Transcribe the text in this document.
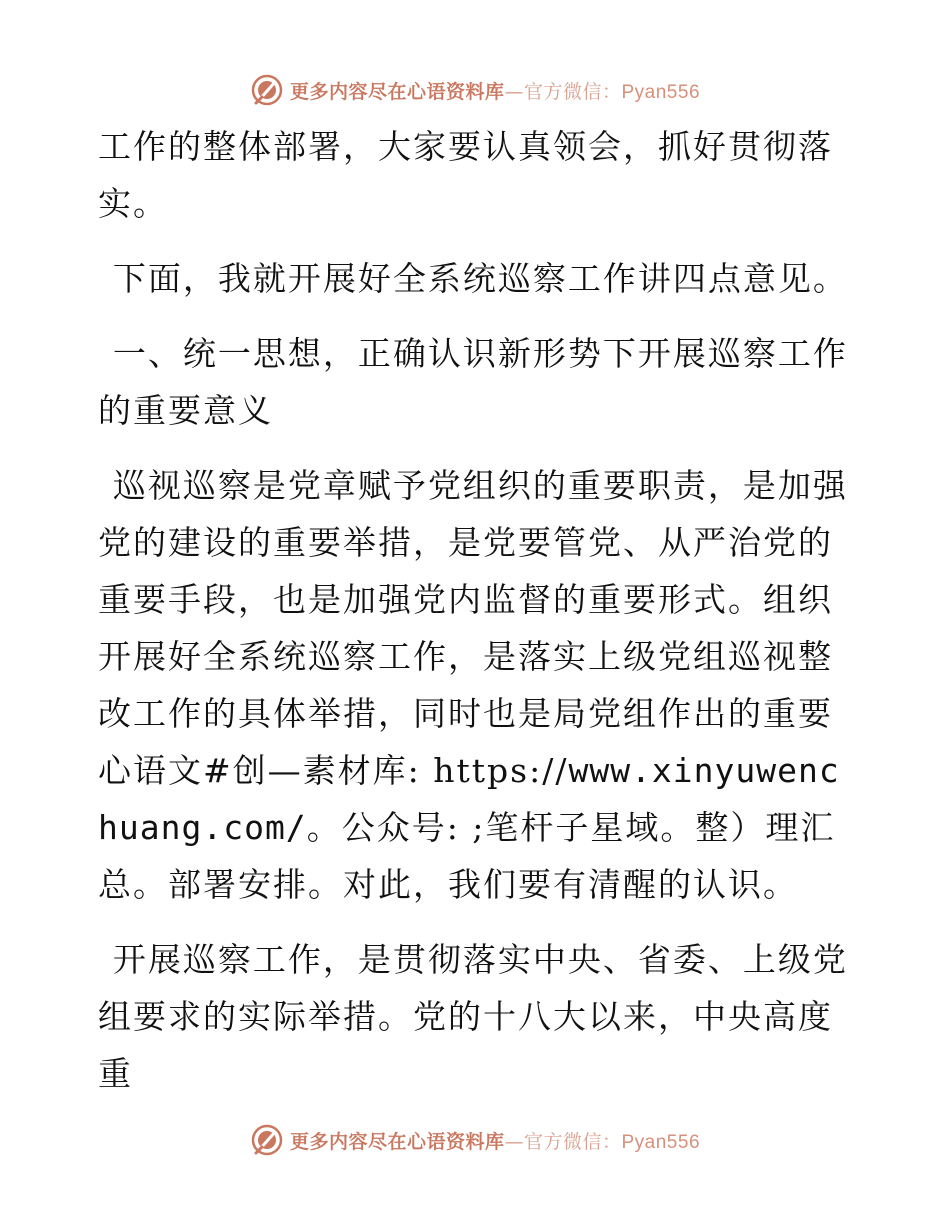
更多内容尽在心语资料库—官方微信：Pyan556

工作的整体部署，大家要认真领会，抓好贯彻落实。

下面，我就开展好全系统巡察工作讲四点意见。

一、统一思想，正确认识新形势下开展巡察工作的重要意义

巡视巡察是党章赋予党组织的重要职责，是加强党的建设的重要举措，是党要管党、从严治党的重要手段，也是加强党内监督的重要形式。组织开展好全系统巡察工作，是落实上级党组巡视整改工作的具体举措，同时也是局党组作出的重要心语文#创—素材库: https://www.xinyuwenchuang.com/。公众号: ;笔杆子星域。整）理汇总。部署安排。对此，我们要有清醒的认识。

开展巡察工作，是贯彻落实中央、省委、上级党组要求的实际举措。党的十八大以来，中央高度重

更多内容尽在心语资料库—官方微信：Pyan556
